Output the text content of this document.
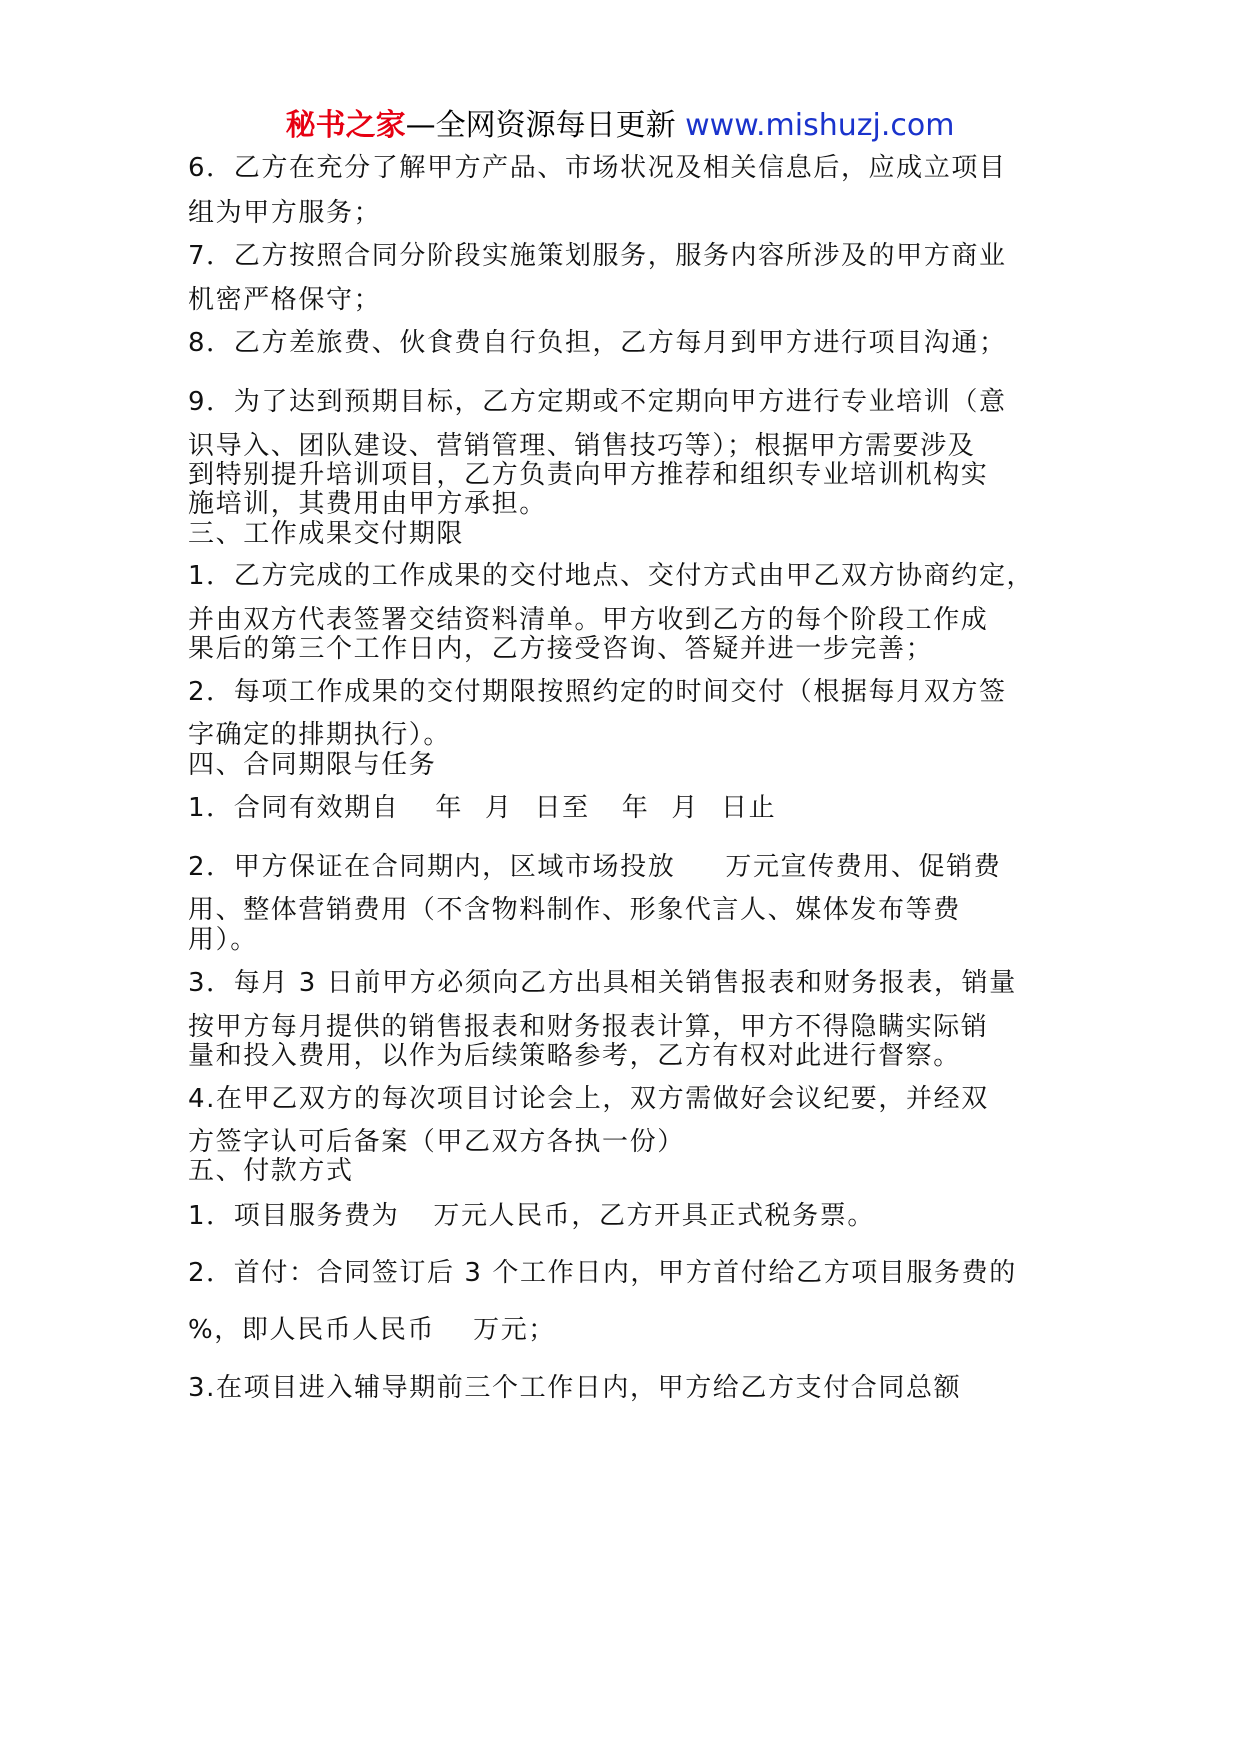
秘书之家—全网资源每日更新 www.mishuzj.com
6．乙方在充分了解甲方产品、市场状况及相关信息后，应成立项目
组为甲方服务；
7．乙方按照合同分阶段实施策划服务，服务内容所涉及的甲方商业
机密严格保守；
8．乙方差旅费、伙食费自行负担，乙方每月到甲方进行项目沟通；
9．为了达到预期目标，乙方定期或不定期向甲方进行专业培训（意
识导入、团队建设、营销管理、销售技巧等）；根据甲方需要涉及
到特别提升培训项目，乙方负责向甲方推荐和组织专业培训机构实
施培训，其费用由甲方承担。
三、工作成果交付期限
1．乙方完成的工作成果的交付地点、交付方式由甲乙双方协商约定，
并由双方代表签署交结资料清单。甲方收到乙方的每个阶段工作成
果后的第三个工作日内，乙方接受咨询、答疑并进一步完善；
2．每项工作成果的交付期限按照约定的时间交付（根据每月双方签
字确定的排期执行）。
四、合同期限与任务
1．合同有效期自 年 月 日至 年 月 日止
2．甲方保证在合同期内，区域市场投放 万元宣传费用、促销费
用、整体营销费用（不含物料制作、形象代言人、媒体发布等费
用）。
3．每月 3 日前甲方必须向乙方出具相关销售报表和财务报表，销量
按甲方每月提供的销售报表和财务报表计算，甲方不得隐瞒实际销
量和投入费用，以作为后续策略参考，乙方有权对此进行督察。
4.在甲乙双方的每次项目讨论会上，双方需做好会议纪要，并经双
方签字认可后备案（甲乙双方各执一份）
五、付款方式
1．项目服务费为 万元人民币，乙方开具正式税务票。
2．首付：合同签订后 3 个工作日内，甲方首付给乙方项目服务费的
%，即人民币人民币 万元；
3.在项目进入辅导期前三个工作日内，甲方给乙方支付合同总额
